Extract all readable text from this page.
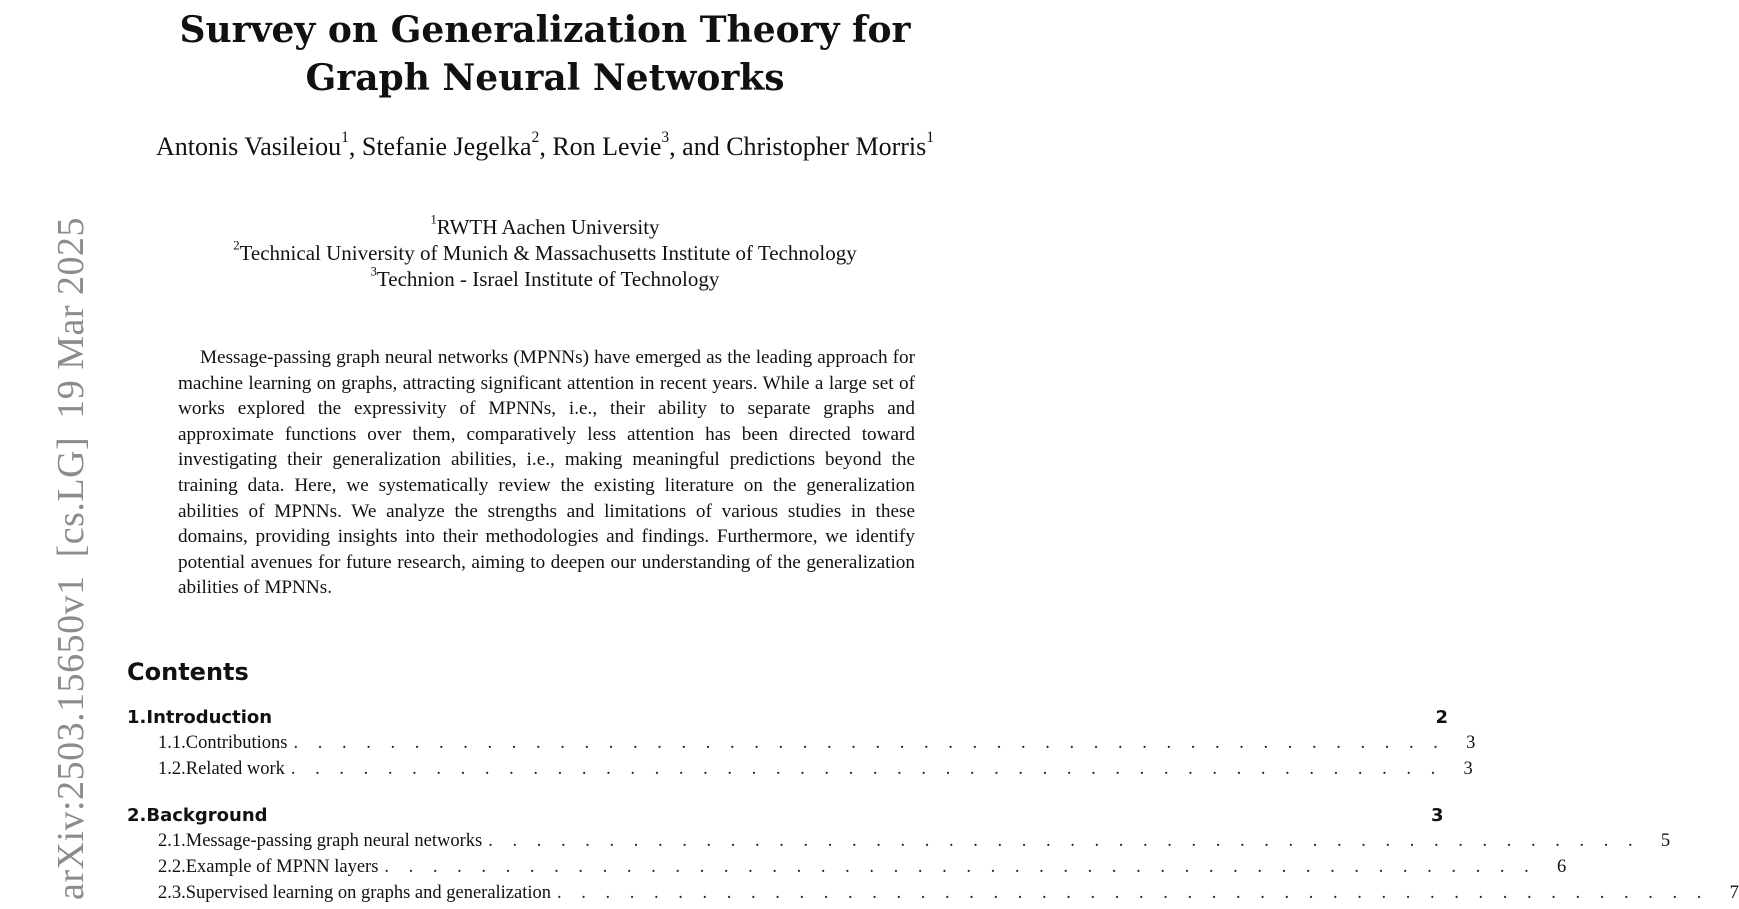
arXiv:2503.15650v1[cs.LG]19 Mar 2025
Survey on Generalization Theory for Graph Neural Networks
Antonis Vasileiou$^1$, Stefanie Jegelka$^2$, Ron Levie$^3$, and Christopher Morris$^1$
$^1$RWTH Aachen University
$^2$Technical University of Munich & Massachusetts Institute of Technology
$^3$Technion - Israel Institute of Technology

Message-passing graph neural networks (MPNNs) have emerged as the leading approach for machine learning on graphs, attracting significant attention in recent years. While a large set of works explored the expressivity of MPNNs, i.e., their ability to separate graphs and approximate functions over them, comparatively less attention has been directed toward investigating their generalization abilities, i.e., making meaningful predictions beyond the training data. Here, we systematically review the existing literature on the generalization abilities of MPNNs. We analyze the strengths and limitations of various studies in these domains, providing insights into their methodologies and findings. Furthermore, we identify potential avenues for future research, aiming to deepen our understanding of the generalization abilities of MPNNs.

Contents
1. Introduction	2
1.1. Contributions . . . . . . . . . . . . . . . . . . . . . . . . . . . . . . . . . . . . . . . . . . . . . . . .	3
1.2. Related work . . . . . . . . . . . . . . . . . . . . . . . . . . . . . . . . . . . . . . . . . . . . . . . .	3
2. Background	3
2.1. Message-passing graph neural networks . . . . . . . . . . . . . . . . . . . . . . . . . . . . . . . . . . . . . . . . . . . . . . . .	5
2.2. Example of MPNN layers . . . . . . . . . . . . . . . . . . . . . . . . . . . . . . . . . . . . . . . . . . . . . . . .	6
2.3. Supervised learning on graphs and generalization . . . . . . . . . . . . . . . . . . . . . . . . . . . . . . . . . . . . . . . . . . . . . . . .	7
